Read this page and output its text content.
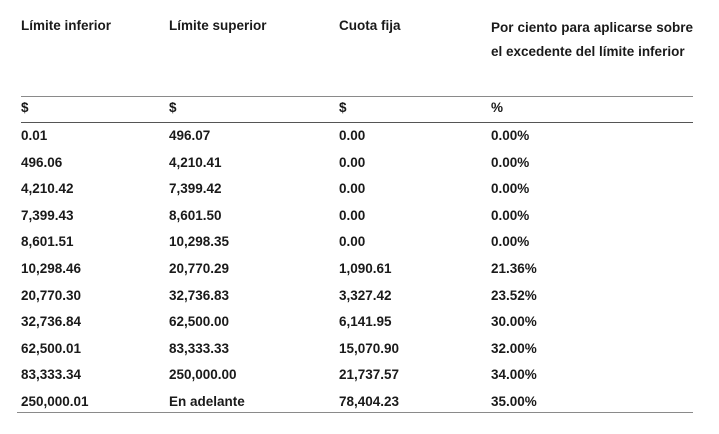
Límite inferior	Límite superior	Cuota fija	Por ciento para aplicarse sobre el excedente del límite inferior
$	$	$	%
0.01	496.07	0.00	0.00%
496.06	4,210.41	0.00	0.00%
4,210.42	7,399.42	0.00	0.00%
7,399.43	8,601.50	0.00	0.00%
8,601.51	10,298.35	0.00	0.00%
10,298.46	20,770.29	1,090.61	21.36%
20,770.30	32,736.83	3,327.42	23.52%
32,736.84	62,500.00	6,141.95	30.00%
62,500.01	83,333.33	15,070.90	32.00%
83,333.34	250,000.00	21,737.57	34.00%
250,000.01	En adelante	78,404.23	35.00%
